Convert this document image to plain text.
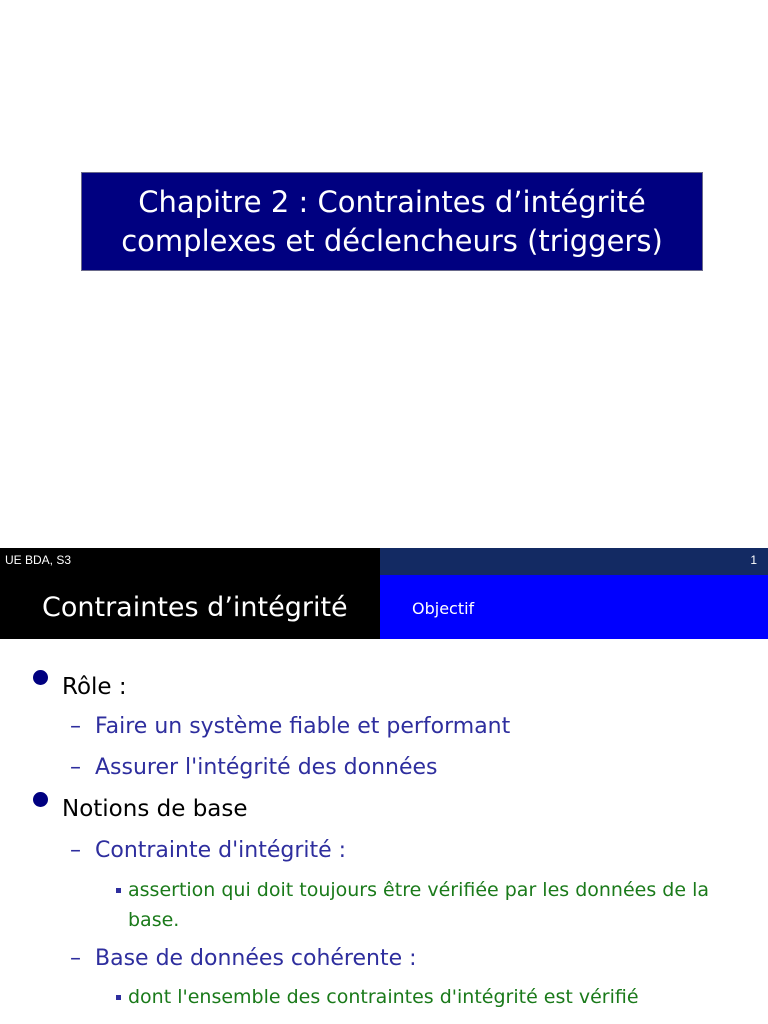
Chapitre 2 : Contraintes d’intégrité
complexes et déclencheurs (triggers)
UE BDA, S3	1
Contraintes d’intégrité	Objectif
Rôle :
– Faire un système fiable et performant
– Assurer l'intégrité des données
Notions de base
– Contrainte d'intégrité :
assertion qui doit toujours être vérifiée par les données de la base.
– Base de données cohérente :
dont l'ensemble des contraintes d'intégrité est vérifié
